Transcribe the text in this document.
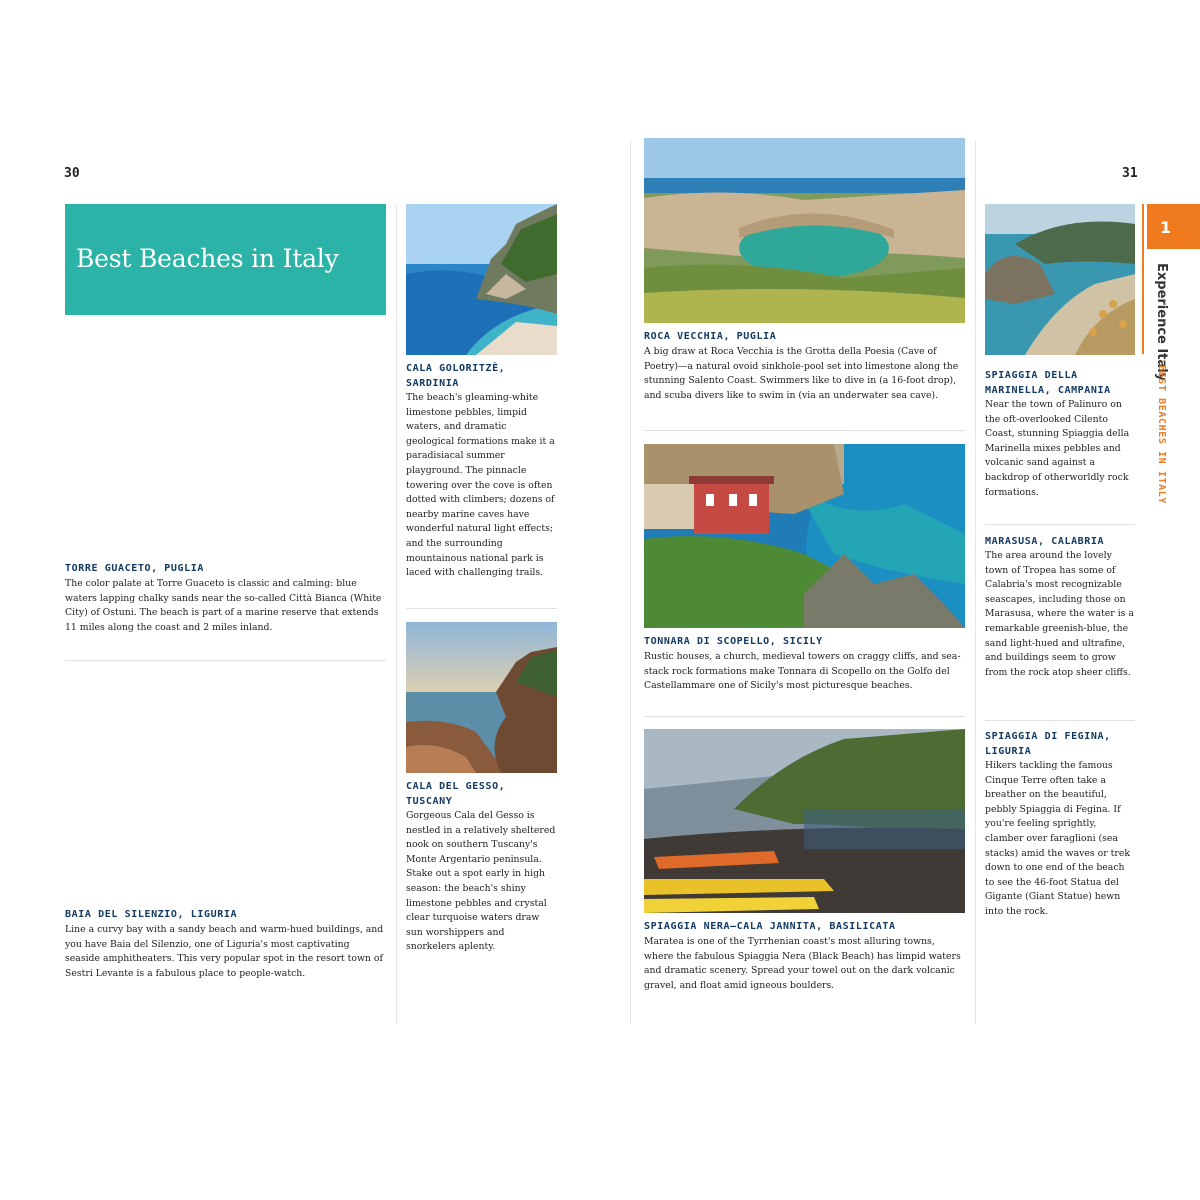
30	31
Best Beaches in Italy
TORRE GUACETO, PUGLIA
The color palate at Torre Guaceto is classic and calming: blue waters lapping chalky sands near the so-called Città Bianca (White City) of Ostuni. The beach is part of a marine reserve that extends 11 miles along the coast and 2 miles inland.
BAIA DEL SILENZIO, LIGURIA
Line a curvy bay with a sandy beach and warm-hued buildings, and you have Baia del Silenzio, one of Liguria's most captivating seaside amphitheaters. This very popular spot in the resort town of Sestri Levante is a fabulous place to people-watch.
CALA GOLORITZÈ, SARDINIA
The beach's gleaming-white limestone pebbles, limpid waters, and dramatic geological formations make it a paradisiacal summer playground. The pinnacle towering over the cove is often dotted with climbers; dozens of nearby marine caves have wonderful natural light effects; and the surrounding mountainous national park is laced with challenging trails.
CALA DEL GESSO, TUSCANY
Gorgeous Cala del Gesso is nestled in a relatively sheltered nook on southern Tuscany's Monte Argentario peninsula. Stake out a spot early in high season: the beach's shiny limestone pebbles and crystal clear turquoise waters draw sun worshippers and snorkelers aplenty.
ROCA VECCHIA, PUGLIA
A big draw at Roca Vecchia is the Grotta della Poesia (Cave of Poetry)—a natural ovoid sinkhole-pool set into limestone along the stunning Salento Coast. Swimmers like to dive in (a 16-foot drop), and scuba divers like to swim in (via an underwater sea cave).
TONNARA DI SCOPELLO, SICILY
Rustic houses, a church, medieval towers on craggy cliffs, and sea-stack rock formations make Tonnara di Scopello on the Golfo del Castellammare one of Sicily's most picturesque beaches.
SPIAGGIA NERA–CALA JANNITA, BASILICATA
Maratea is one of the Tyrrhenian coast's most alluring towns, where the fabulous Spiaggia Nera (Black Beach) has limpid waters and dramatic scenery. Spread your towel out on the dark volcanic gravel, and float amid igneous boulders.
SPIAGGIA DELLA MARINELLA, CAMPANIA
Near the town of Palinuro on the oft-overlooked Cilento Coast, stunning Spiaggia della Marinella mixes pebbles and volcanic sand against a backdrop of otherworldly rock formations.
MARASUSA, CALABRIA
The area around the lovely town of Tropea has some of Calabria's most recognizable seascapes, including those on Marasusa, where the water is a remarkable greenish-blue, the sand light-hued and ultrafine, and buildings seem to grow from the rock atop sheer cliffs.
SPIAGGIA DI FEGINA, LIGURIA
Hikers tackling the famous Cinque Terre often take a breather on the beautiful, pebbly Spiaggia di Fegina. If you're feeling sprightly, clamber over faraglioni (sea stacks) amid the waves or trek down to one end of the beach to see the 46-foot Statua del Gigante (Giant Statue) hewn into the rock.
1
Experience Italy
BEST BEACHES IN ITALY
